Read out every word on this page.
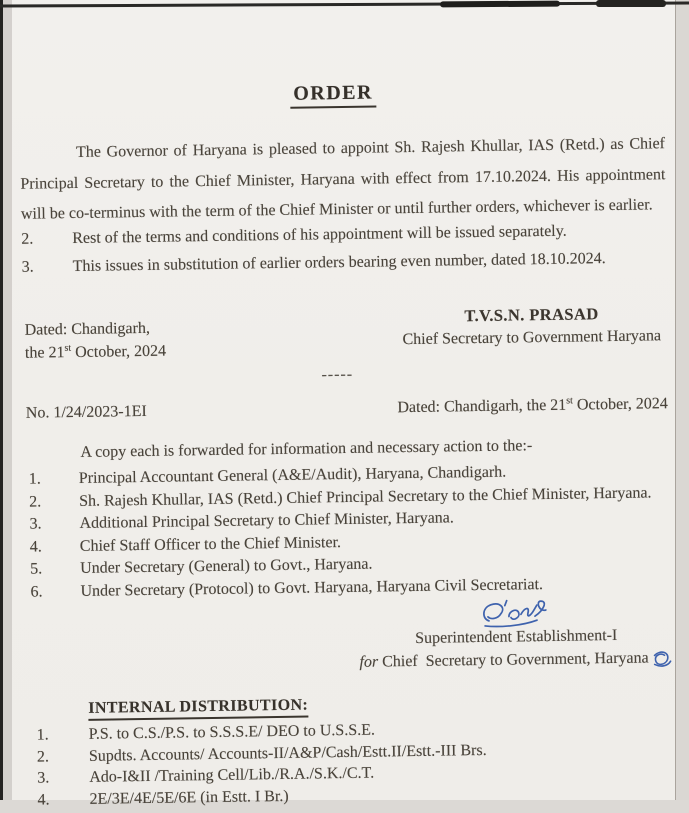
ORDER
The Governor of Haryana is pleased to appoint Sh. Rajesh Khullar, IAS (Retd.) as Chief Principal Secretary to the Chief Minister, Haryana with effect from 17.10.2024. His appointment will be co-terminus with the term of the Chief Minister or until further orders, whichever is earlier.
2.	Rest of the terms and conditions of his appointment will be issued separately.
3.	This issues in substitution of earlier orders bearing even number, dated 18.10.2024.
Dated: Chandigarh,
the 21st October, 2024
T.V.S.N. PRASAD
Chief Secretary to Government Haryana
-----
No. 1/24/2023-1EI	Dated: Chandigarh, the 21st October, 2024
A copy each is forwarded for information and necessary action to the:-
1.	Principal Accountant General (A&E/Audit), Haryana, Chandigarh.
2.	Sh. Rajesh Khullar, IAS (Retd.) Chief Principal Secretary to the Chief Minister, Haryana.
3.	Additional Principal Secretary to Chief Minister, Haryana.
4.	Chief Staff Officer to the Chief Minister.
5.	Under Secretary (General) to Govt., Haryana.
6.	Under Secretary (Protocol) to Govt. Haryana, Haryana Civil Secretariat.
Superintendent Establishment-I
for Chief  Secretary to Government, Haryana
INTERNAL DISTRIBUTION:
1.	P.S. to C.S./P.S. to S.S.S.E/ DEO to U.S.S.E.
2.	Supdts. Accounts/ Accounts-II/A&P/Cash/Estt.II/Estt.-III Brs.
3.	Ado-I&II /Training Cell/Lib./R.A./S.K./C.T.
4.	2E/3E/4E/5E/6E (in Estt. I Br.)
